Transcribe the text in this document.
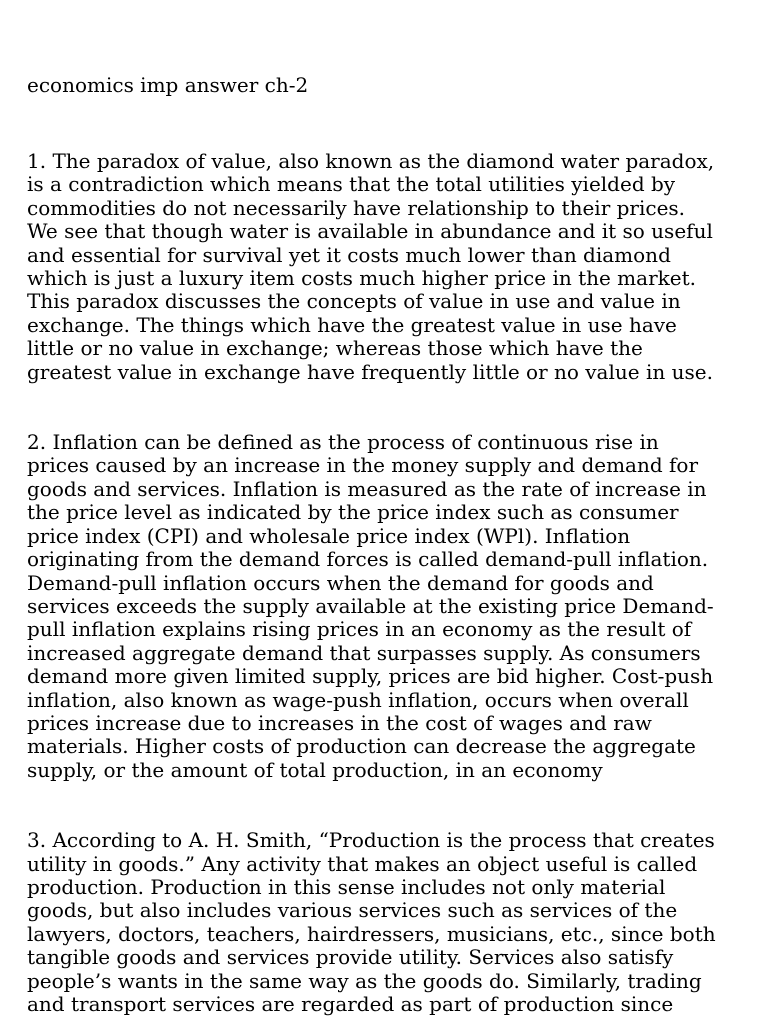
economics imp answer ch-2

1. The paradox of value, also known as the diamond water paradox,
is a contradiction which means that the total utilities yielded by
commodities do not necessarily have relationship to their prices.
We see that though water is available in abundance and it so useful
and essential for survival yet it costs much lower than diamond
which is just a luxury item costs much higher price in the market.
This paradox discusses the concepts of value in use and value in
exchange. The things which have the greatest value in use have
little or no value in exchange; whereas those which have the
greatest value in exchange have frequently little or no value in use.

2. Inflation can be defined as the process of continuous rise in
prices caused by an increase in the money supply and demand for
goods and services. Inflation is measured as the rate of increase in
the price level as indicated by the price index such as consumer
price index (CPI) and wholesale price index (WPl). Inflation
originating from the demand forces is called demand-pull inflation.
Demand-pull inflation occurs when the demand for goods and
services exceeds the supply available at the existing price Demand-
pull inflation explains rising prices in an economy as the result of
increased aggregate demand that surpasses supply. As consumers
demand more given limited supply, prices are bid higher. Cost-push
inflation, also known as wage-push inflation, occurs when overall
prices increase due to increases in the cost of wages and raw
materials. Higher costs of production can decrease the aggregate
supply, or the amount of total production, in an economy

3. According to A. H. Smith, “Production is the process that creates
utility in goods.” Any activity that makes an object useful is called
production. Production in this sense includes not only material
goods, but also includes various services such as services of the
lawyers, doctors, teachers, hairdressers, musicians, etc., since both
tangible goods and services provide utility. Services also satisfy
people’s wants in the same way as the goods do. Similarly, trading
and transport services are regarded as part of production since
